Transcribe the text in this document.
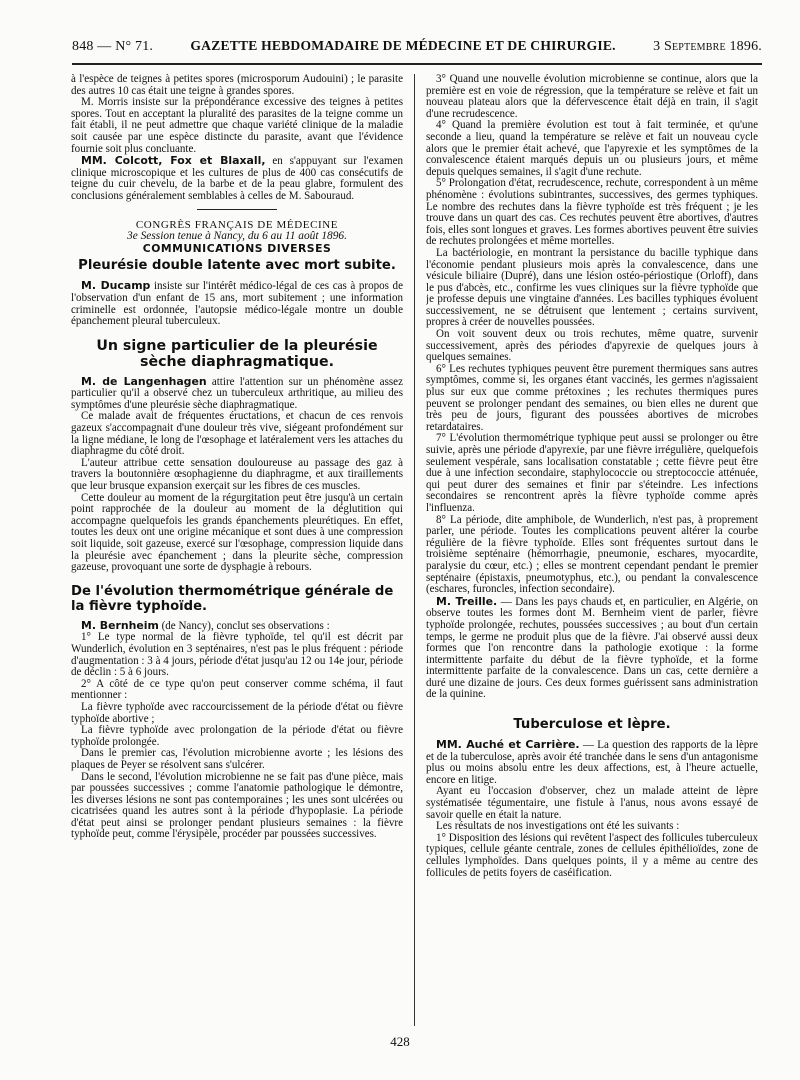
848 — N° 71.	GAZETTE HEBDOMADAIRE DE MÉDECINE ET DE CHIRURGIE.	3 Septembre 1896.

à l'espèce de teignes à petites spores (microsporum Audouini) ; le parasite des autres 10 cas était une teigne à grandes spores.

M. Morris insiste sur la prépondérance excessive des teignes à petites spores. Tout en acceptant la pluralité des parasites de la teigne comme un fait établi, il ne peut admettre que chaque variété clinique de la maladie soit causée par une espèce distincte du parasite, avant que l'évidence fournie soit plus concluante.

MM. Colcott, Fox et Blaxall, en s'appuyant sur l'examen clinique microscopique et les cultures de plus de 400 cas consécutifs de teigne du cuir chevelu, de la barbe et de la peau glabre, formulent des conclusions généralement semblables à celles de M. Sabouraud.

CONGRÈS FRANÇAIS DE MÉDECINE

3e Session tenue à Nancy, du 6 au 11 août 1896.

COMMUNICATIONS DIVERSES

Pleurésie double latente avec mort subite.

M. Ducamp insiste sur l'intérêt médico-légal de ces cas à propos de l'observation d'un enfant de 15 ans, mort subitement ; une information criminelle est ordonnée, l'autopsie médico-légale montre un double épanchement pleural tuberculeux.

Un signe particulier de la pleurésie sèche diaphragmatique.

M. de Langenhagen attire l'attention sur un phénomène assez particulier qu'il a observé chez un tuberculeux arthritique, au milieu des symptômes d'une pleurésie sèche diaphragmatique.

Ce malade avait de fréquentes éructations, et chacun de ces renvois gazeux s'accompagnait d'une douleur très vive, siégeant profondément sur la ligne médiane, le long de l'œsophage et latéralement vers les attaches du diaphragme du côté droit.

L'auteur attribue cette sensation douloureuse au passage des gaz à travers la boutonnière œsophagienne du diaphragme, et aux tiraillements que leur brusque expansion exerçait sur les fibres de ces muscles.

Cette douleur au moment de la régurgitation peut être jusqu'à un certain point rapprochée de la douleur au moment de la déglutition qui accompagne quelquefois les grands épanchements pleurétiques. En effet, toutes les deux ont une origine mécanique et sont dues à une compression soit liquide, soit gazeuse, exercé sur l'œsophage, compression liquide dans la pleurésie avec épanchement ; dans la pleurite sèche, compression gazeuse, provoquant une sorte de dysphagie à rebours.

De l'évolution thermométrique générale de la fièvre typhoïde.

M. Bernheim (de Nancy), conclut ses observations :

1° Le type normal de la fièvre typhoïde, tel qu'il est décrit par Wunderlich, évolution en 3 septénaires, n'est pas le plus fréquent : période d'augmentation : 3 à 4 jours, période d'état jusqu'au 12 ou 14e jour, période de déclin : 5 à 6 jours.

2° A côté de ce type qu'on peut conserver comme schéma, il faut mentionner :

La fièvre typhoïde avec raccourcissement de la période d'état ou fièvre typhoïde abortive ;

La fièvre typhoïde avec prolongation de la période d'état ou fièvre typhoïde prolongée.

Dans le premier cas, l'évolution microbienne avorte ; les lésions des plaques de Peyer se résolvent sans s'ulcérer.

Dans le second, l'évolution microbienne ne se fait pas d'une pièce, mais par poussées successives ; comme l'anatomie pathologique le démontre, les diverses lésions ne sont pas contemporaines ; les unes sont ulcérées ou cicatrisées quand les autres sont à la période d'hypoplasie. La période d'état peut ainsi se prolonger pendant plusieurs semaines : la fièvre typhoïde peut, comme l'érysipèle, procéder par poussées successives.

3° Quand une nouvelle évolution microbienne se continue, alors que la première est en voie de régression, que la température se relève et fait un nouveau plateau alors que la défervescence était déjà en train, il s'agit d'une recrudescence.

4° Quand la première évolution est tout à fait terminée, et qu'une seconde a lieu, quand la température se relève et fait un nouveau cycle alors que le premier était achevé, que l'apyrexie et les symptômes de la convalescence étaient marqués depuis un ou plusieurs jours, et même depuis quelques semaines, il s'agit d'une rechute.

5° Prolongation d'état, recrudescence, rechute, correspondent à un même phénomène : évolutions subintrantes, successives, des germes typhiques. Le nombre des rechutes dans la fièvre typhoïde est très fréquent ; je les trouve dans un quart des cas. Ces rechutes peuvent être abortives, d'autres fois, elles sont longues et graves. Les formes abortives peuvent être suivies de rechutes prolongées et même mortelles.

La bactériologie, en montrant la persistance du bacille typhique dans l'économie pendant plusieurs mois après la convalescence, dans une vésicule biliaire (Dupré), dans une lésion ostéo-périostique (Orloff), dans le pus d'abcès, etc., confirme les vues cliniques sur la fièvre typhoïde que je professe depuis une vingtaine d'années. Les bacilles typhiques évoluent successivement, ne se détruisent que lentement ; certains survivent, propres à créer de nouvelles poussées.

On voit souvent deux ou trois rechutes, même quatre, survenir successivement, après des périodes d'apyrexie de quelques jours à quelques semaines.

6° Les rechutes typhiques peuvent être purement thermiques sans autres symptômes, comme si, les organes étant vaccinés, les germes n'agissaient plus sur eux que comme prétoxines ; les rechutes thermiques pures peuvent se prolonger pendant des semaines, ou bien elles ne durent que très peu de jours, figurant des poussées abortives de microbes retardataires.

7° L'évolution thermométrique typhique peut aussi se prolonger ou être suivie, après une période d'apyrexie, par une fièvre irrégulière, quelquefois seulement vespérale, sans localisation constatable ; cette fièvre peut être due à une infection secondaire, staphylococcie ou streptococcie atténuée, qui peut durer des semaines et finir par s'éteindre. Les infections secondaires se rencontrent après la fièvre typhoïde comme après l'influenza.

8° La période, dite amphibole, de Wunderlich, n'est pas, à proprement parler, une période. Toutes les complications peuvent altérer la courbe régulière de la fièvre typhoïde. Elles sont fréquentes surtout dans le troisième septénaire (hémorrhagie, pneumonie, eschares, myocardite, paralysie du cœur, etc.) ; elles se montrent cependant pendant le premier septénaire (épistaxis, pneumotyphus, etc.), ou pendant la convalescence (eschares, furoncles, infection secondaire).

M. Treille. — Dans les pays chauds et, en particulier, en Algérie, on observe toutes les formes dont M. Bernheim vient de parler, fièvre typhoïde prolongée, rechutes, poussées successives ; au bout d'un certain temps, le germe ne produit plus que de la fièvre. J'ai observé aussi deux formes que l'on rencontre dans la pathologie exotique : la forme intermittente parfaite du début de la fièvre typhoïde, et la forme intermittente parfaite de la convalescence. Dans un cas, cette dernière a duré une dizaine de jours. Ces deux formes guérissent sans administration de la quinine.

Tuberculose et lèpre.

MM. Auché et Carrière. — La question des rapports de la lèpre et de la tuberculose, après avoir été tranchée dans le sens d'un antagonisme plus ou moins absolu entre les deux affections, est, à l'heure actuelle, encore en litige.

Ayant eu l'occasion d'observer, chez un malade atteint de lèpre systématisée tégumentaire, une fistule à l'anus, nous avons essayé de savoir quelle en était la nature.

Les résultats de nos investigations ont été les suivants :

1° Disposition des lésions qui revêtent l'aspect des follicules tuberculeux typiques, cellule géante centrale, zones de cellules épithélioïdes, zone de cellules lymphoïdes. Dans quelques points, il y a même au centre des follicules de petits foyers de caséification.

428
